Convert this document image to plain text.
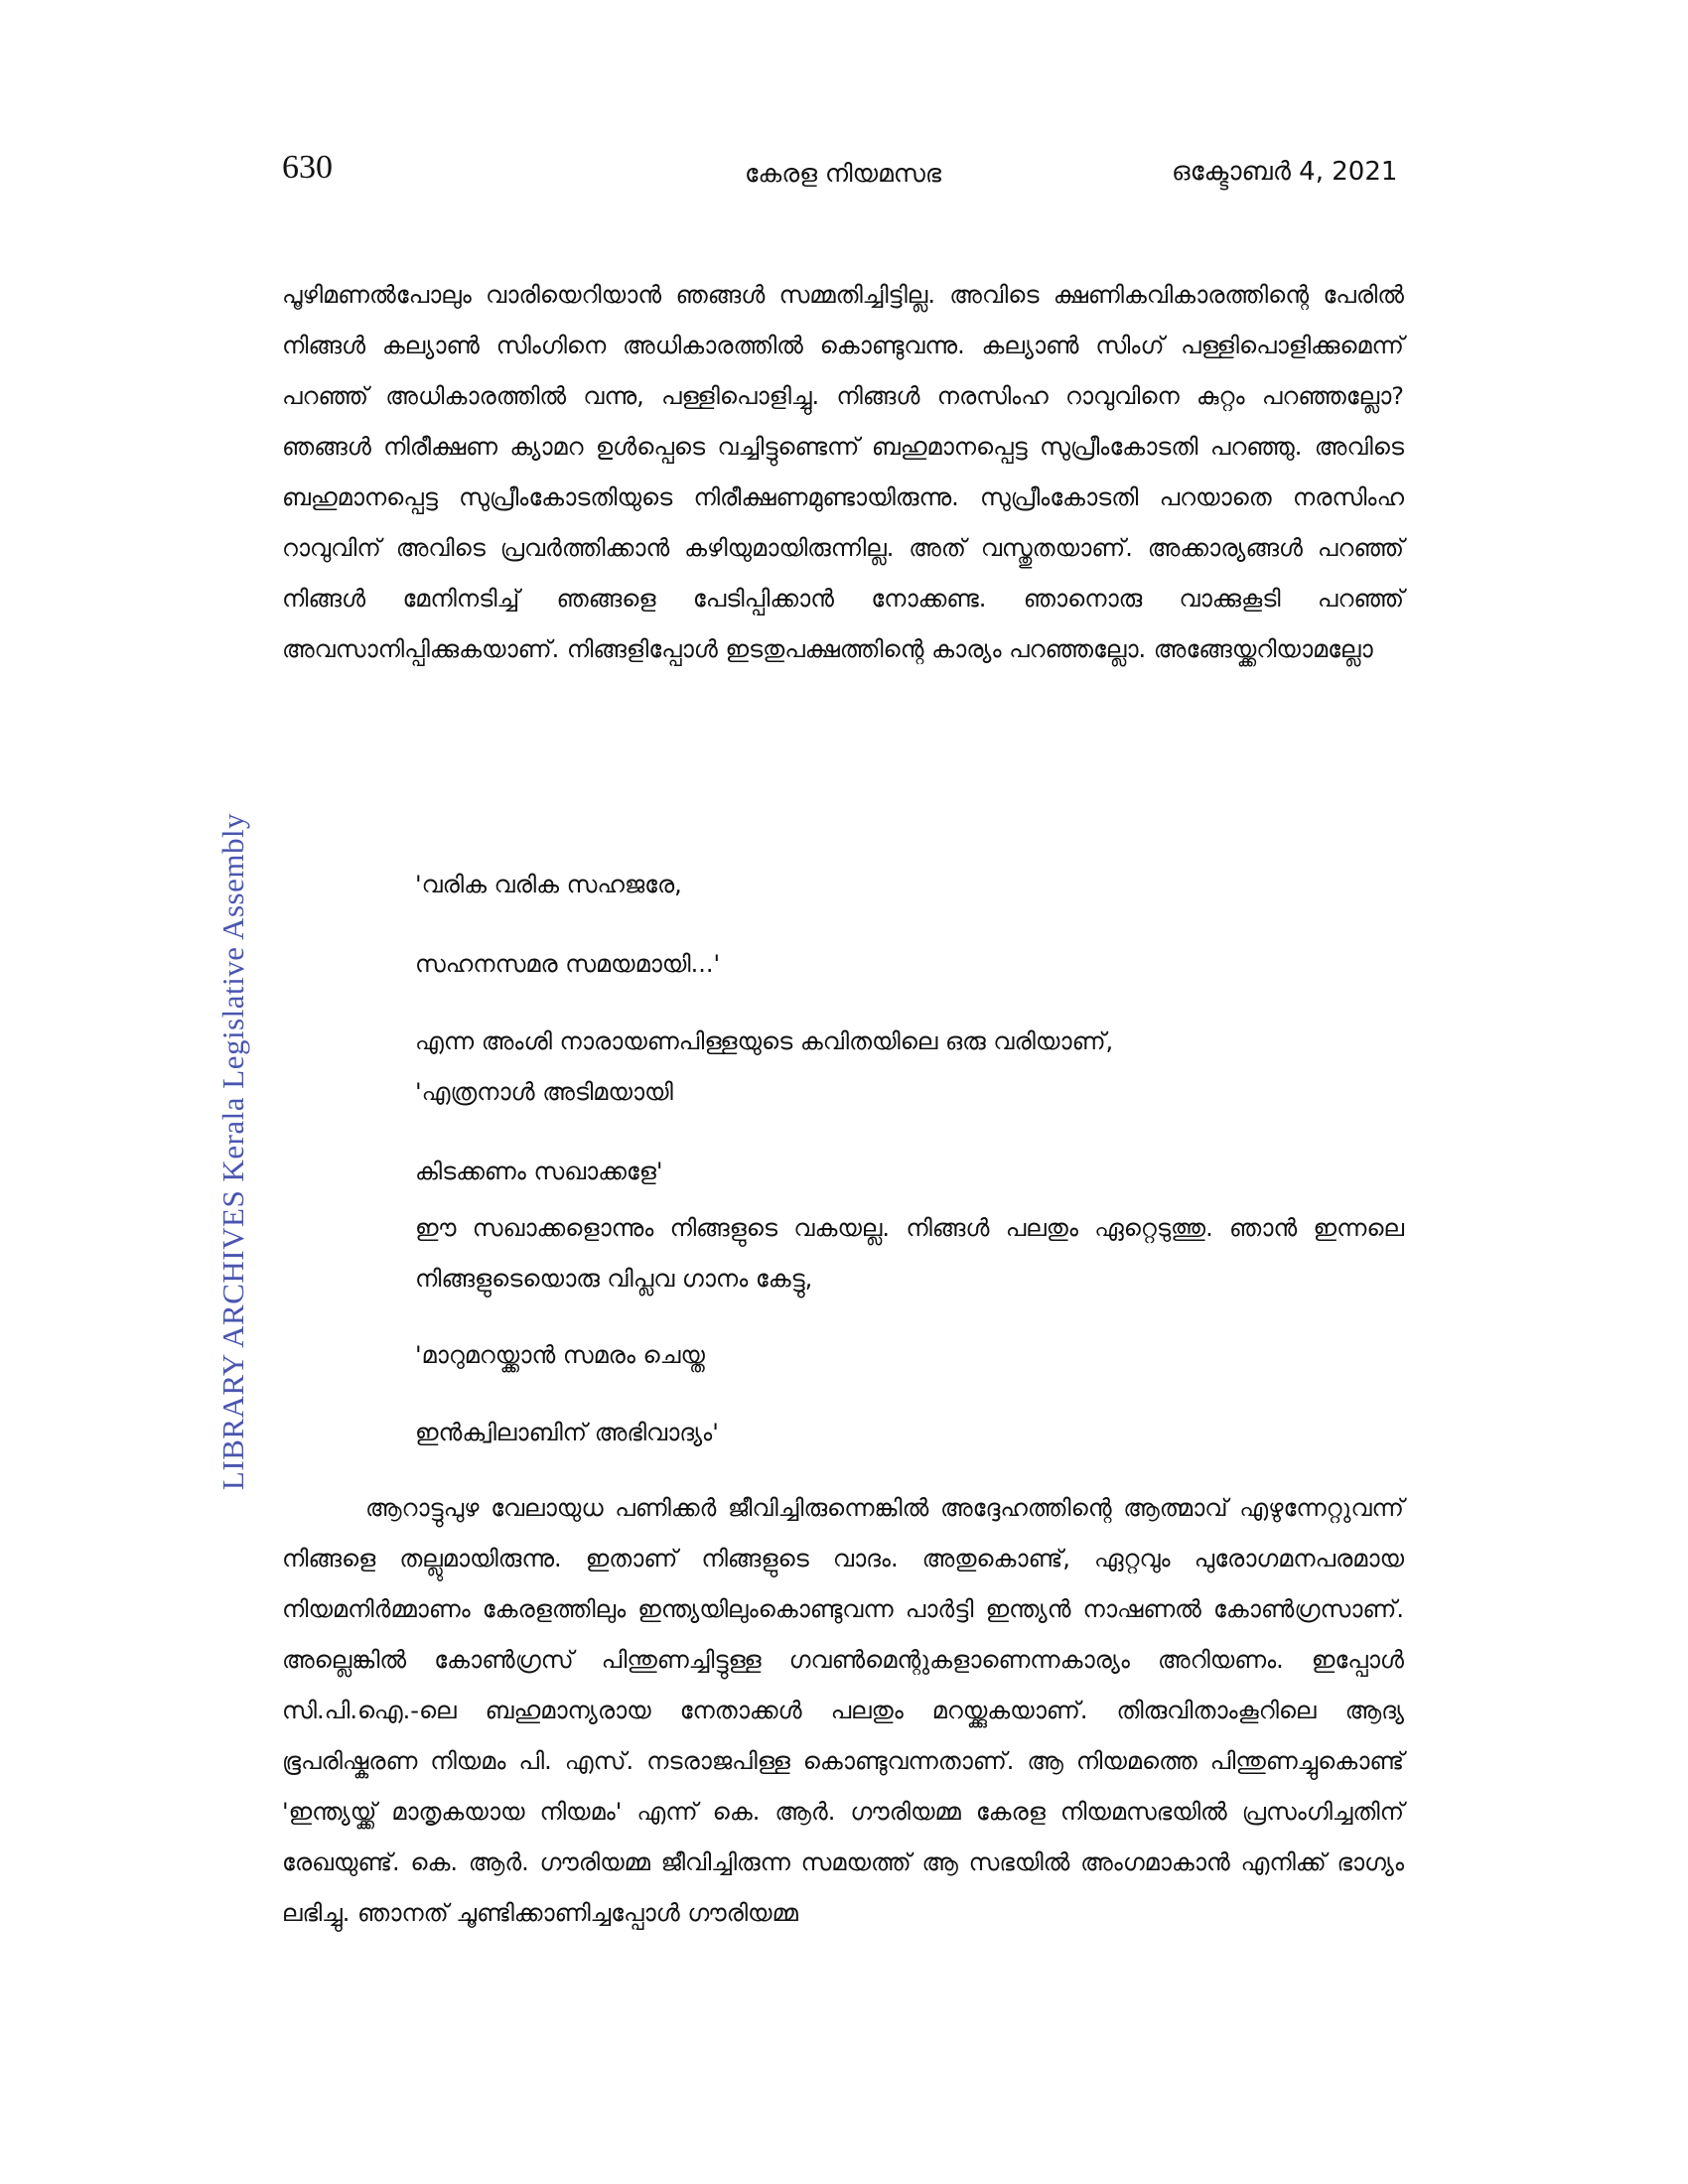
630	കേരള നിയമസഭ	ഒക്ടോബർ 4, 2021
LIBRARY ARCHIVES Kerala Legislative Assembly
പൂഴിമണൽപോലും വാരിയെറിയാൻ ഞങ്ങൾ സമ്മതിച്ചിട്ടില്ല. അവിടെ ക്ഷണികവികാരത്തിന്റെ പേരിൽ നിങ്ങൾ കല്യാൺ സിംഗിനെ അധികാരത്തിൽ കൊണ്ടുവന്നു. കല്യാൺ സിംഗ് പള്ളിപൊളിക്കുമെന്ന് പറഞ്ഞ് അധികാരത്തിൽ വന്നു, പള്ളിപൊളിച്ചു. നിങ്ങൾ നരസിംഹ റാവുവിനെ കുറ്റം പറഞ്ഞല്ലോ? ഞങ്ങൾ നിരീക്ഷണ ക്യാമറ ഉൾപ്പെടെ വച്ചിട്ടുണ്ടെന്ന് ബഹുമാനപ്പെട്ട സുപ്രീംകോടതി പറഞ്ഞു. അവിടെ ബഹുമാനപ്പെട്ട സുപ്രീംകോടതിയുടെ നിരീക്ഷണമുണ്ടായിരുന്നു. സുപ്രീംകോടതി പറയാതെ നരസിംഹ റാവുവിന് അവിടെ പ്രവർത്തിക്കാൻ കഴിയുമായിരുന്നില്ല. അത് വസ്തുതയാണ്. അക്കാര്യങ്ങൾ പറഞ്ഞ് നിങ്ങൾ മേനിനടിച്ച് ഞങ്ങളെ പേടിപ്പിക്കാൻ നോക്കണ്ട. ഞാനൊരു വാക്കുകൂടി പറഞ്ഞ് അവസാനിപ്പിക്കുകയാണ്. നിങ്ങളിപ്പോൾ ഇടതുപക്ഷത്തിന്റെ കാര്യം പറഞ്ഞല്ലോ. അങ്ങേയ്ക്കറിയാമല്ലോ
'വരിക വരിക സഹജരേ,
സഹനസമര സമയമായി...'
എന്ന അംശി നാരായണപിള്ളയുടെ കവിതയിലെ ഒരു വരിയാണ്,
'എത്രനാൾ അടിമയായി
കിടക്കണം സഖാക്കളേ'
ഈ സഖാക്കളൊന്നും നിങ്ങളുടെ വകയല്ല. നിങ്ങൾ പലതും ഏറ്റെടുത്തു. ഞാൻ ഇന്നലെ നിങ്ങളുടെയൊരു വിപ്ലവ ഗാനം കേട്ടു,
'മാറുമറയ്ക്കാൻ സമരം ചെയ്ത
ഇൻക്വിലാബിന് അഭിവാദ്യം'
ആറാട്ടുപുഴ വേലായുധ പണിക്കർ ജീവിച്ചിരുന്നെങ്കിൽ അദ്ദേഹത്തിന്റെ ആത്മാവ് എഴുന്നേറ്റുവന്ന് നിങ്ങളെ തല്ലുമായിരുന്നു. ഇതാണ് നിങ്ങളുടെ വാദം. അതുകൊണ്ട്, ഏറ്റവും പുരോഗമനപരമായ നിയമനിർമ്മാണം കേരളത്തിലും ഇന്ത്യയിലുംകൊണ്ടുവന്ന പാർട്ടി ഇന്ത്യൻ നാഷണൽ കോൺഗ്രസാണ്. അല്ലെങ്കിൽ കോൺഗ്രസ് പിന്തുണച്ചിട്ടുള്ള ഗവൺമെന്റുകളാണെന്നകാര്യം അറിയണം. ഇപ്പോൾ സി.പി.ഐ.-ലെ ബഹുമാന്യരായ നേതാക്കൾ പലതും മറയ്ക്കുകയാണ്. തിരുവിതാംകൂറിലെ ആദ്യ ഭൂപരിഷ്കരണ നിയമം പി. എസ്. നടരാജപിള്ള കൊണ്ടുവന്നതാണ്. ആ നിയമത്തെ പിന്തുണച്ചുകൊണ്ട് 'ഇന്ത്യയ്ക്ക് മാതൃകയായ നിയമം' എന്ന് കെ. ആർ. ഗൗരിയമ്മ കേരള നിയമസഭയിൽ പ്രസംഗിച്ചതിന് രേഖയുണ്ട്. കെ. ആർ. ഗൗരിയമ്മ ജീവിച്ചിരുന്ന സമയത്ത് ആ സഭയിൽ അംഗമാകാൻ എനിക്ക് ഭാഗ്യം ലഭിച്ചു. ഞാനത് ചൂണ്ടിക്കാണിച്ചപ്പോൾ ഗൗരിയമ്മ
